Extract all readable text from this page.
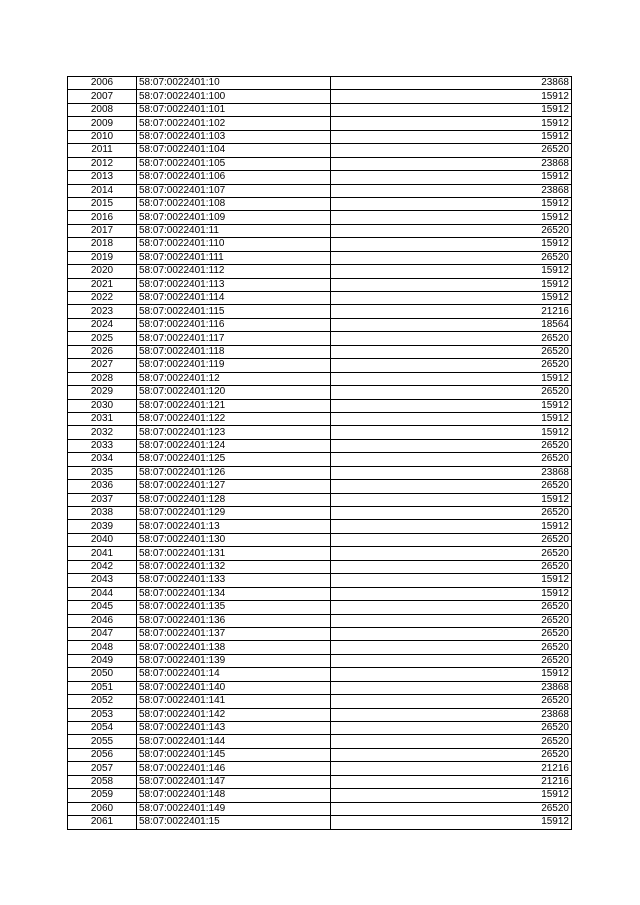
2006	58:07:0022401:10	23868
2007	58:07:0022401:100	15912
2008	58:07:0022401:101	15912
2009	58:07:0022401:102	15912
2010	58:07:0022401:103	15912
2011	58:07:0022401:104	26520
2012	58:07:0022401:105	23868
2013	58:07:0022401:106	15912
2014	58:07:0022401:107	23868
2015	58:07:0022401:108	15912
2016	58:07:0022401:109	15912
2017	58:07:0022401:11	26520
2018	58:07:0022401:110	15912
2019	58:07:0022401:111	26520
2020	58:07:0022401:112	15912
2021	58:07:0022401:113	15912
2022	58:07:0022401:114	15912
2023	58:07:0022401:115	21216
2024	58:07:0022401:116	18564
2025	58:07:0022401:117	26520
2026	58:07:0022401:118	26520
2027	58:07:0022401:119	26520
2028	58:07:0022401:12	15912
2029	58:07:0022401:120	26520
2030	58:07:0022401:121	15912
2031	58:07:0022401:122	15912
2032	58:07:0022401:123	15912
2033	58:07:0022401:124	26520
2034	58:07:0022401:125	26520
2035	58:07:0022401:126	23868
2036	58:07:0022401:127	26520
2037	58:07:0022401:128	15912
2038	58:07:0022401:129	26520
2039	58:07:0022401:13	15912
2040	58:07:0022401:130	26520
2041	58:07:0022401:131	26520
2042	58:07:0022401:132	26520
2043	58:07:0022401:133	15912
2044	58:07:0022401:134	15912
2045	58:07:0022401:135	26520
2046	58:07:0022401:136	26520
2047	58:07:0022401:137	26520
2048	58:07:0022401:138	26520
2049	58:07:0022401:139	26520
2050	58:07:0022401:14	15912
2051	58:07:0022401:140	23868
2052	58:07:0022401:141	26520
2053	58:07:0022401:142	23868
2054	58:07:0022401:143	26520
2055	58:07:0022401:144	26520
2056	58:07:0022401:145	26520
2057	58:07:0022401:146	21216
2058	58:07:0022401:147	21216
2059	58:07:0022401:148	15912
2060	58:07:0022401:149	26520
2061	58:07:0022401:15	15912
